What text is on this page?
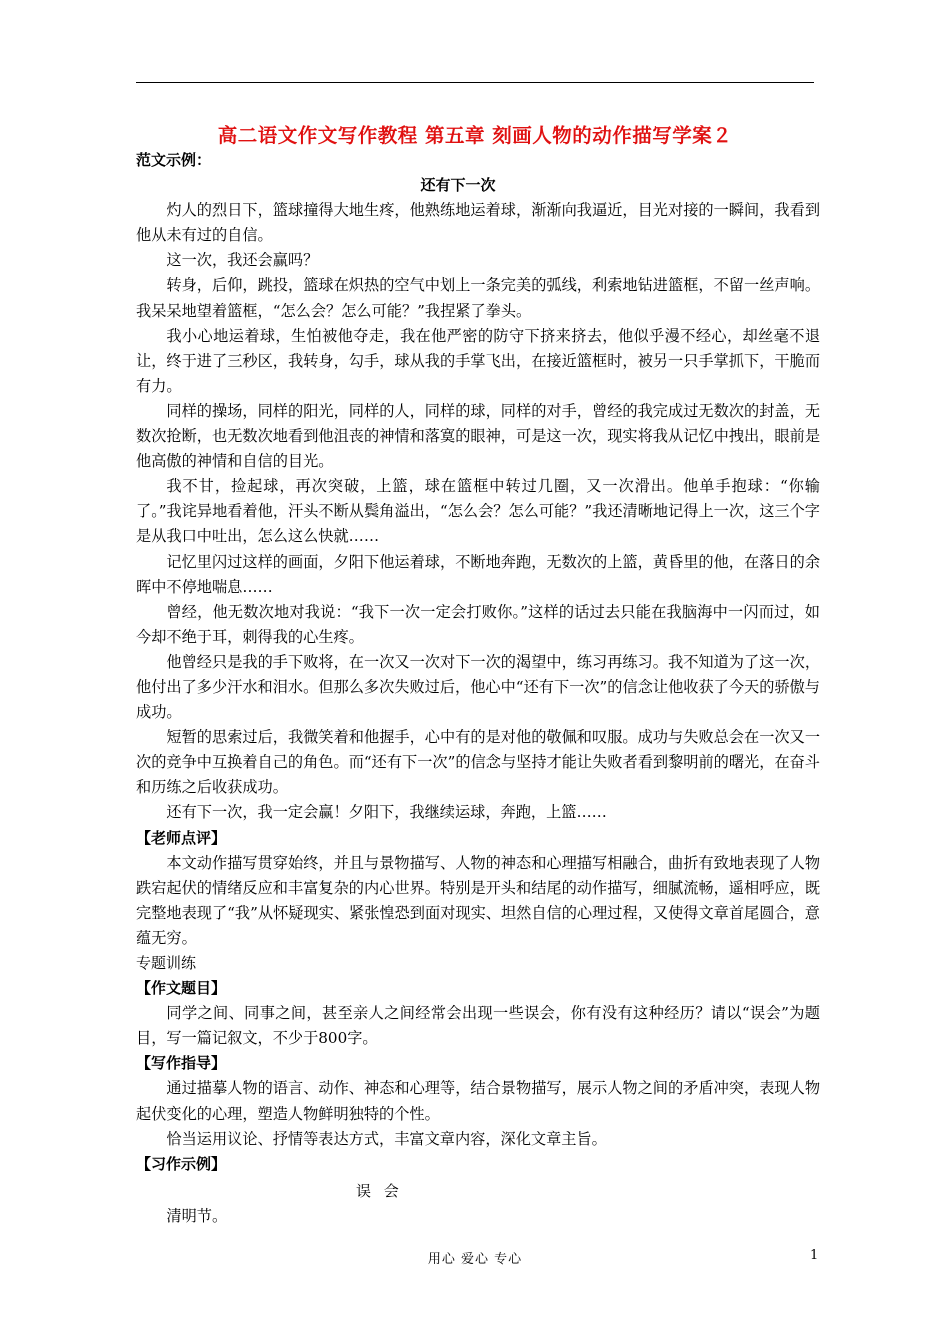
高二语文作文写作教程 第五章 刻画人物的动作描写学案２
范文示例：
还有下一次

灼人的烈日下，篮球撞得大地生疼，他熟练地运着球，渐渐向我逼近，目光对接的一瞬间，我看到他从未有过的自信。

这一次，我还会赢吗？

转身，后仰，跳投，篮球在炽热的空气中划上一条完美的弧线，利索地钻进篮框，不留一丝声响。我呆呆地望着篮框，“怎么会？怎么可能？”我捏紧了拳头。

我小心地运着球，生怕被他夺走，我在他严密的防守下挤来挤去，他似乎漫不经心，却丝毫不退让，终于进了三秒区，我转身，勾手，球从我的手掌飞出，在接近篮框时，被另一只手掌抓下，干脆而有力。

同样的操场，同样的阳光，同样的人，同样的球，同样的对手，曾经的我完成过无数次的封盖，无数次抢断，也无数次地看到他沮丧的神情和落寞的眼神，可是这一次，现实将我从记忆中拽出，眼前是他高傲的神情和自信的目光。

我不甘，捡起球，再次突破，上篮，球在篮框中转过几圈，又一次滑出。他单手抱球：“你输了。”我诧异地看着他，汗头不断从鬓角溢出，“怎么会？怎么可能？”我还清晰地记得上一次，这三个字是从我口中吐出，怎么这么快就……

记忆里闪过这样的画面，夕阳下他运着球，不断地奔跑，无数次的上篮，黄昏里的他，在落日的余晖中不停地喘息……

曾经，他无数次地对我说：“我下一次一定会打败你。”这样的话过去只能在我脑海中一闪而过，如今却不绝于耳，刺得我的心生疼。

他曾经只是我的手下败将，在一次又一次对下一次的渴望中，练习再练习。我不知道为了这一次，他付出了多少汗水和泪水。但那么多次失败过后，他心中“还有下一次”的信念让他收获了今天的骄傲与成功。

短暂的思索过后，我微笑着和他握手，心中有的是对他的敬佩和叹服。成功与失败总会在一次又一次的竞争中互换着自己的角色。而“还有下一次”的信念与坚持才能让失败者看到黎明前的曙光，在奋斗和历练之后收获成功。

还有下一次，我一定会赢！夕阳下，我继续运球，奔跑，上篮……

【老师点评】

本文动作描写贯穿始终，并且与景物描写、人物的神态和心理描写相融合，曲折有致地表现了人物跌宕起伏的情绪反应和丰富复杂的内心世界。特别是开头和结尾的动作描写，细腻流畅，遥相呼应，既完整地表现了“我”从怀疑现实、紧张惶恐到面对现实、坦然自信的心理过程，又使得文章首尾圆合，意蕴无穷。

专题训练

【作文题目】

同学之间、同事之间，甚至亲人之间经常会出现一些误会，你有没有这种经历？请以“误会”为题目，写一篇记叙文，不少于800字。

【写作指导】

通过描摹人物的语言、动作、神态和心理等，结合景物描写，展示人物之间的矛盾冲突，表现人物起伏变化的心理，塑造人物鲜明独特的个性。

恰当运用议论、抒情等表达方式，丰富文章内容，深化文章主旨。

【习作示例】

误 会

清明节。

用心 爱心 专心	1
